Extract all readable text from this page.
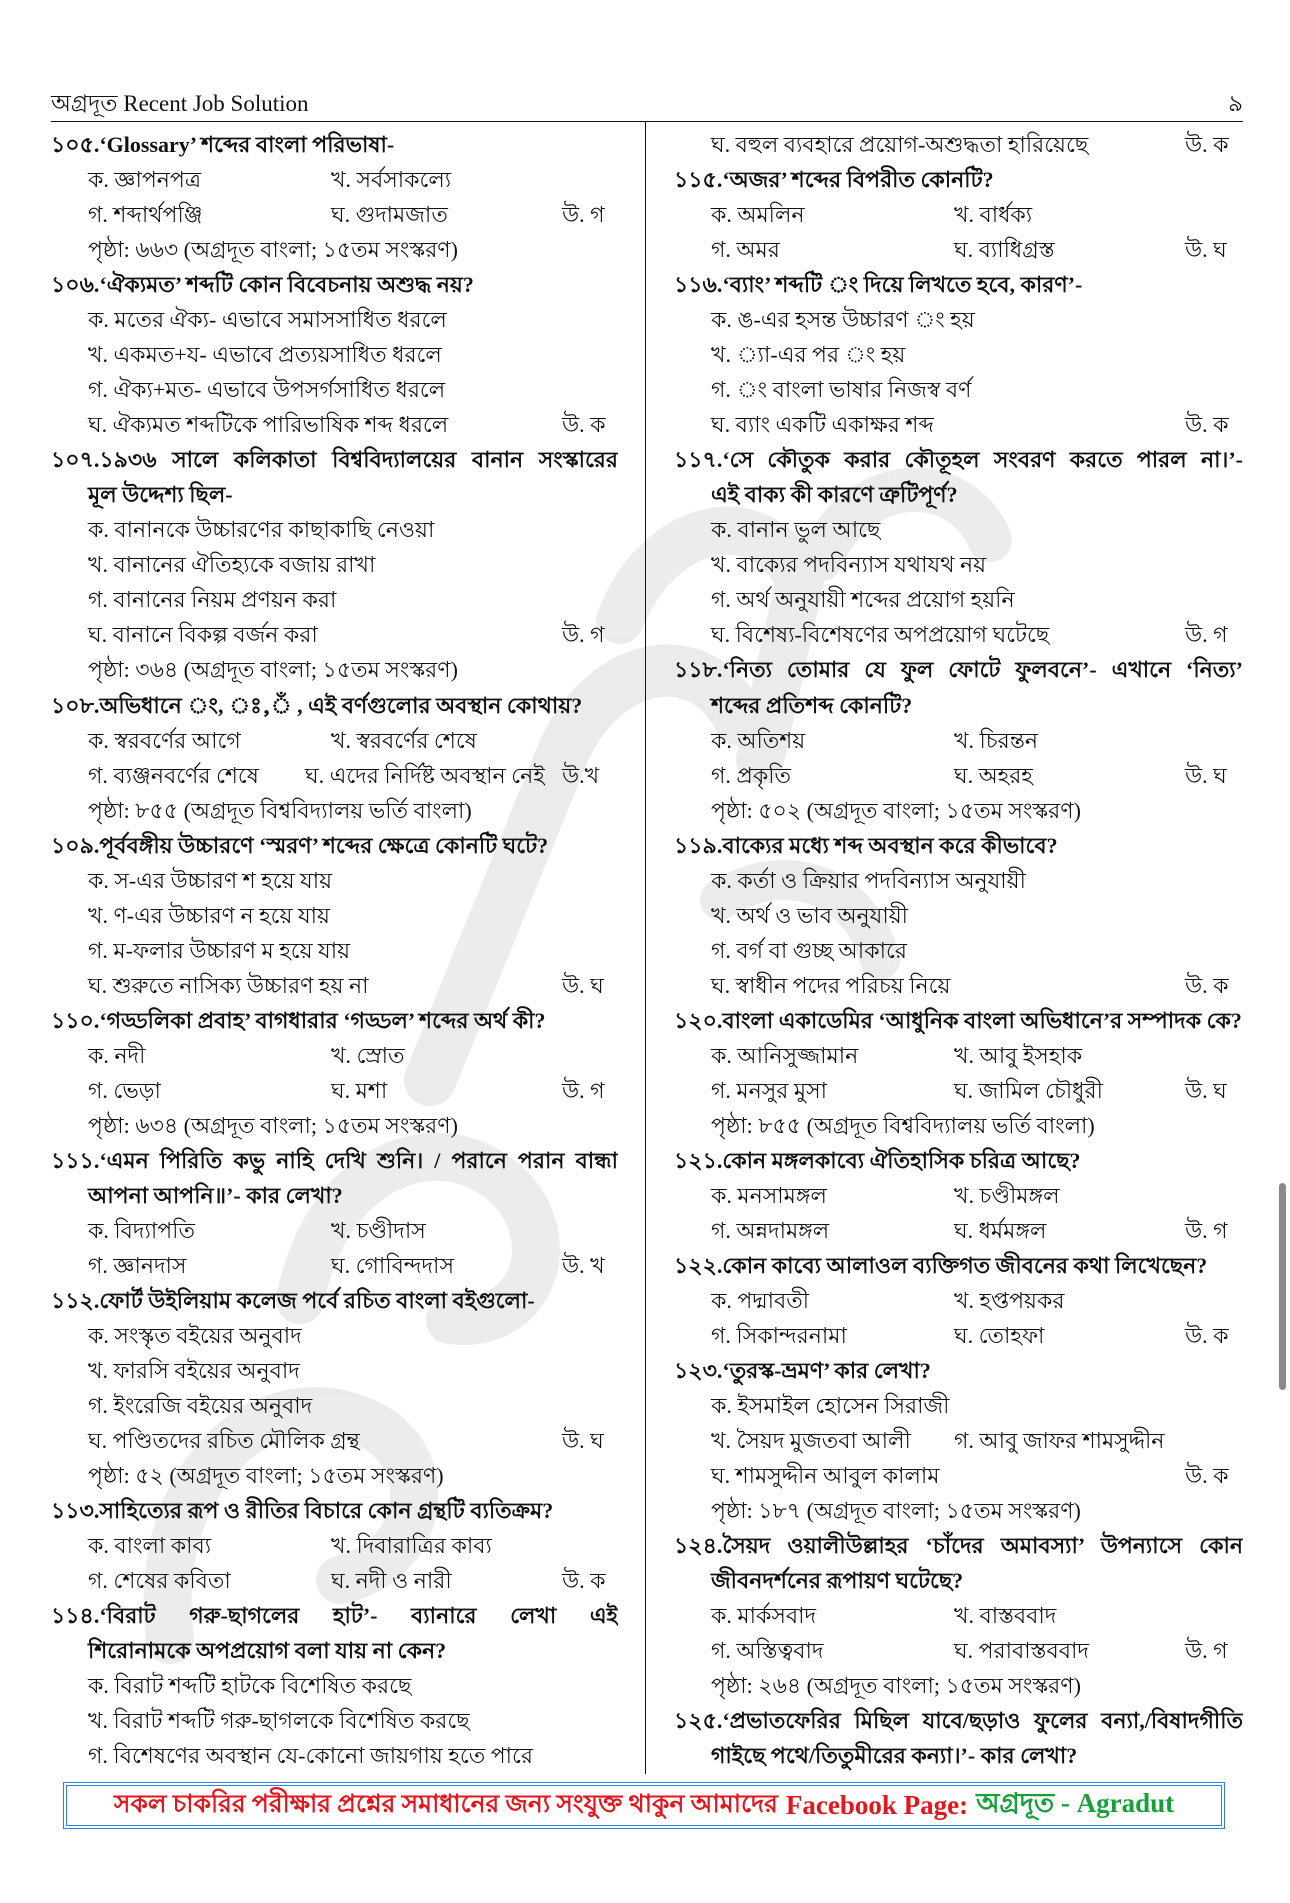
অগ্রদূত Recent Job Solution	৯
১০৫.‘Glossary’ শব্দের বাংলা পরিভাষা-
ক. জ্ঞাপনপত্র	খ. সর্বসাকল্যে
গ. শব্দার্থপঞ্জি	ঘ. গুদামজাত	উ. গ
পৃষ্ঠা: ৬৬৩ (অগ্রদূত বাংলা; ১৫তম সংস্করণ)
১০৬.‘ঐক্যমত’ শব্দটি কোন বিবেচনায় অশুদ্ধ নয়?
ক. মতের ঐক্য- এভাবে সমাসসাধিত ধরলে
খ. একমত+য- এভাবে প্রত্যয়সাধিত ধরলে
গ. ঐক্য+মত- এভাবে উপসর্গসাধিত ধরলে
ঘ. ঐক্যমত শব্দটিকে পারিভাষিক শব্দ ধরলে	উ. ক
১০৭.১৯৩৬ সালে কলিকাতা বিশ্ববিদ্যালয়ের বানান সংস্কারের
মূল উদ্দেশ্য ছিল-
ক. বানানকে উচ্চারণের কাছাকাছি নেওয়া
খ. বানানের ঐতিহ্যকে বজায় রাখা
গ. বানানের নিয়ম প্রণয়ন করা
ঘ. বানানে বিকল্প বর্জন করা	উ. গ
পৃষ্ঠা: ৩৬৪ (অগ্রদূত বাংলা; ১৫তম সংস্করণ)
১০৮.অভিধানে ং, ঃ,ঁ , এই বর্ণগুলোর অবস্থান কোথায়?
ক. স্বরবর্ণের আগে	খ. স্বরবর্ণের শেষে
গ. ব্যঞ্জনবর্ণের শেষে ঘ. এদের নির্দিষ্ট অবস্থান নেই উ.খ
পৃষ্ঠা: ৮৫৫ (অগ্রদূত বিশ্ববিদ্যালয় ভর্তি বাংলা)
১০৯.পূর্ববঙ্গীয় উচ্চারণে ‘স্মরণ’ শব্দের ক্ষেত্রে কোনটি ঘটে?
ক. স-এর উচ্চারণ শ হয়ে যায়
খ. ণ-এর উচ্চারণ ন হয়ে যায়
গ. ম-ফলার উচ্চারণ ম হয়ে যায়
ঘ. শুরুতে নাসিক্য উচ্চারণ হয় না	উ. ঘ
১১০.‘গড্ডলিকা প্রবাহ’ বাগধারার ‘গড্ডল’ শব্দের অর্থ কী?
ক. নদী	খ. স্রোত
গ. ভেড়া	ঘ. মশা	উ. গ
পৃষ্ঠা: ৬৩৪ (অগ্রদূত বাংলা; ১৫তম সংস্করণ)
১১১.‘এমন পিরিতি কভু নাহি দেখি শুনি। / পরানে পরান বান্ধা
আপনা আপনি॥’- কার লেখা?
ক. বিদ্যাপতি	খ. চণ্ডীদাস
গ. জ্ঞানদাস	ঘ. গোবিন্দদাস	উ. খ
১১২.ফোর্ট উইলিয়াম কলেজ পর্বে রচিত বাংলা বইগুলো-
ক. সংস্কৃত বইয়ের অনুবাদ
খ. ফারসি বইয়ের অনুবাদ
গ. ইংরেজি বইয়ের অনুবাদ
ঘ. পণ্ডিতদের রচিত মৌলিক গ্রন্থ	উ. ঘ
পৃষ্ঠা: ৫২ (অগ্রদূত বাংলা; ১৫তম সংস্করণ)
১১৩.সাহিত্যের রূপ ও রীতির বিচারে কোন গ্রন্থটি ব্যতিক্রম?
ক. বাংলা কাব্য	খ. দিবারাত্রির কাব্য
গ. শেষের কবিতা	ঘ. নদী ও নারী	উ. ক
১১৪.‘বিরাট গরু-ছাগলের হাট’- ব্যানারে লেখা এই
শিরোনামকে অপপ্রয়োগ বলা যায় না কেন?
ক. বিরাট শব্দটি হাটকে বিশেষিত করছে
খ. বিরাট শব্দটি গরু-ছাগলকে বিশেষিত করছে
গ. বিশেষণের অবস্থান যে-কোনো জায়গায় হতে পারে
ঘ. বহুল ব্যবহারে প্রয়োগ-অশুদ্ধতা হারিয়েছে	উ. ক
১১৫.‘অজর’ শব্দের বিপরীত কোনটি?
ক. অমলিন	খ. বার্ধক্য
গ. অমর	ঘ. ব্যাধিগ্রস্ত	উ. ঘ
১১৬.‘ব্যাং’ শব্দটি ং দিয়ে লিখতে হবে, কারণ’-
ক. ঙ-এর হসন্ত উচ্চারণ ং হয়
খ. ্যা-এর পর ং হয়
গ. ং বাংলা ভাষার নিজস্ব বর্ণ
ঘ. ব্যাং একটি একাক্ষর শব্দ	উ. ক
১১৭.‘সে কৌতুক করার কৌতূহল সংবরণ করতে পারল না।’-
এই বাক্য কী কারণে ত্রুটিপূর্ণ?
ক. বানান ভুল আছে
খ. বাক্যের পদবিন্যাস যথাযথ নয়
গ. অর্থ অনুযায়ী শব্দের প্রয়োগ হয়নি
ঘ. বিশেষ্য-বিশেষণের অপপ্রয়োগ ঘটেছে	উ. গ
১১৮.‘নিত্য তোমার যে ফুল ফোটে ফুলবনে’- এখানে ‘নিত্য’
শব্দের প্রতিশব্দ কোনটি?
ক. অতিশয়	খ. চিরন্তন
গ. প্রকৃতি	ঘ. অহরহ	উ. ঘ
পৃষ্ঠা: ৫০২ (অগ্রদূত বাংলা; ১৫তম সংস্করণ)
১১৯.বাক্যের মধ্যে শব্দ অবস্থান করে কীভাবে?
ক. কর্তা ও ক্রিয়ার পদবিন্যাস অনুযায়ী
খ. অর্থ ও ভাব অনুযায়ী
গ. বর্গ বা গুচ্ছ আকারে
ঘ. স্বাধীন পদের পরিচয় নিয়ে	উ. ক
১২০.বাংলা একাডেমির ‘আধুনিক বাংলা অভিধানে’র সম্পাদক কে?
ক. আনিসুজ্জামান	খ. আবু ইসহাক
গ. মনসুর মুসা	ঘ. জামিল চৌধুরী	উ. ঘ
পৃষ্ঠা: ৮৫৫ (অগ্রদূত বিশ্ববিদ্যালয় ভর্তি বাংলা)
১২১.কোন মঙ্গলকাব্যে ঐতিহাসিক চরিত্র আছে?
ক. মনসামঙ্গল	খ. চণ্ডীমঙ্গল
গ. অন্নদামঙ্গল	ঘ. ধর্মমঙ্গল	উ. গ
১২২.কোন কাব্যে আলাওল ব্যক্তিগত জীবনের কথা লিখেছেন?
ক. পদ্মাবতী	খ. হপ্তপয়কর
গ. সিকান্দরনামা	ঘ. তোহফা	উ. ক
১২৩.‘তুরস্ক-ভ্রমণ’ কার লেখা?
ক. ইসমাইল হোসেন সিরাজী
খ. সৈয়দ মুজতবা আলী গ. আবু জাফর শামসুদ্দীন
ঘ. শামসুদ্দীন আবুল কালাম	উ. ক
পৃষ্ঠা: ১৮৭ (অগ্রদূত বাংলা; ১৫তম সংস্করণ)
১২৪.সৈয়দ ওয়ালীউল্লাহর ‘চাঁদের অমাবস্যা’ উপন্যাসে কোন
জীবনদর্শনের রূপায়ণ ঘটেছে?
ক. মার্কসবাদ	খ. বাস্তববাদ
গ. অস্তিত্ববাদ	ঘ. পরাবাস্তববাদ	উ. গ
পৃষ্ঠা: ২৬৪ (অগ্রদূত বাংলা; ১৫তম সংস্করণ)
১২৫.‘প্রভাতফেরির মিছিল যাবে/ছড়াও ফুলের বন্যা,/বিষাদগীতি
গাইছে পথে/তিতুমীরের কন্যা।’- কার লেখা?
সকল চাকরির পরীক্ষার প্রশ্নের সমাধানের জন্য সংযুক্ত থাকুন আমাদের Facebook Page: অগ্রদূত - Agradut
